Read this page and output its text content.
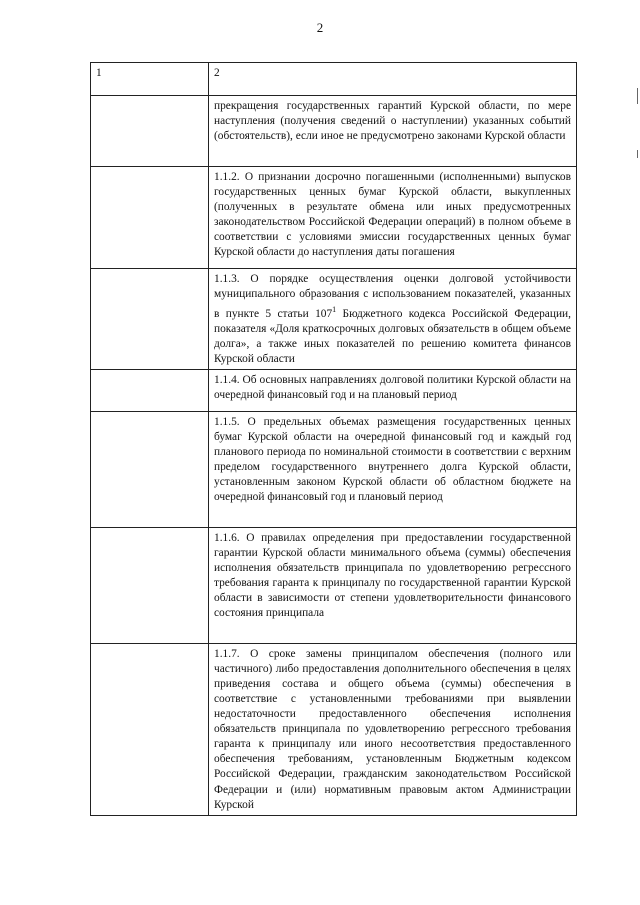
2
1	2
	прекращения государственных гарантий Курской области, по мере наступления (получения сведений о наступлении) указанных событий (обстоятельств), если иное не предусмотрено законами Курской области
	1.1.2. О признании досрочно погашенными (исполненными) выпусков государственных ценных бумаг Курской области, выкупленных (полученных в результате обмена или иных предусмотренных законодательством Российской Федерации операций) в полном объеме в соответствии с условиями эмиссии государственных ценных бумаг Курской области до наступления даты погашения
	1.1.3. О порядке осуществления оценки долговой устойчивости муниципального образования с использованием показателей, указанных в пункте 5 статьи $107^1$ Бюджетного кодекса Российской Федерации, показателя «Доля краткосрочных долговых обязательств в общем объеме долга», а также иных показателей по решению комитета финансов Курской области
	1.1.4. Об основных направлениях долговой политики Курской области на очередной финансовый год и на плановый период
	1.1.5. О предельных объемах размещения государственных ценных бумаг Курской области на очередной финансовый год и каждый год планового периода по номинальной стоимости в соответствии с верхним пределом государственного внутреннего долга Курской области, установленным законом Курской области об областном бюджете на очередной финансовый год и плановый период
	1.1.6. О правилах определения при предоставлении государственной гарантии Курской области минимального объема (суммы) обеспечения исполнения обязательств принципала по удовлетворению регрессного требования гаранта к принципалу по государственной гарантии Курской области в зависимости от степени удовлетворительности финансового состояния принципала
	1.1.7. О сроке замены принципалом обеспечения (полного или частичного) либо предоставления дополнительного обеспечения в целях приведения состава и общего объема (суммы) обеспечения в соответствие с установленными требованиями при выявлении недостаточности предоставленного обеспечения исполнения обязательств принципала по удовлетворению регрессного требования гаранта к принципалу или иного несоответствия предоставленного обеспечения требованиям, установленным Бюджетным кодексом Российской Федерации, гражданским законодательством Российской Федерации и (или) нормативным правовым актом Администрации Курской
